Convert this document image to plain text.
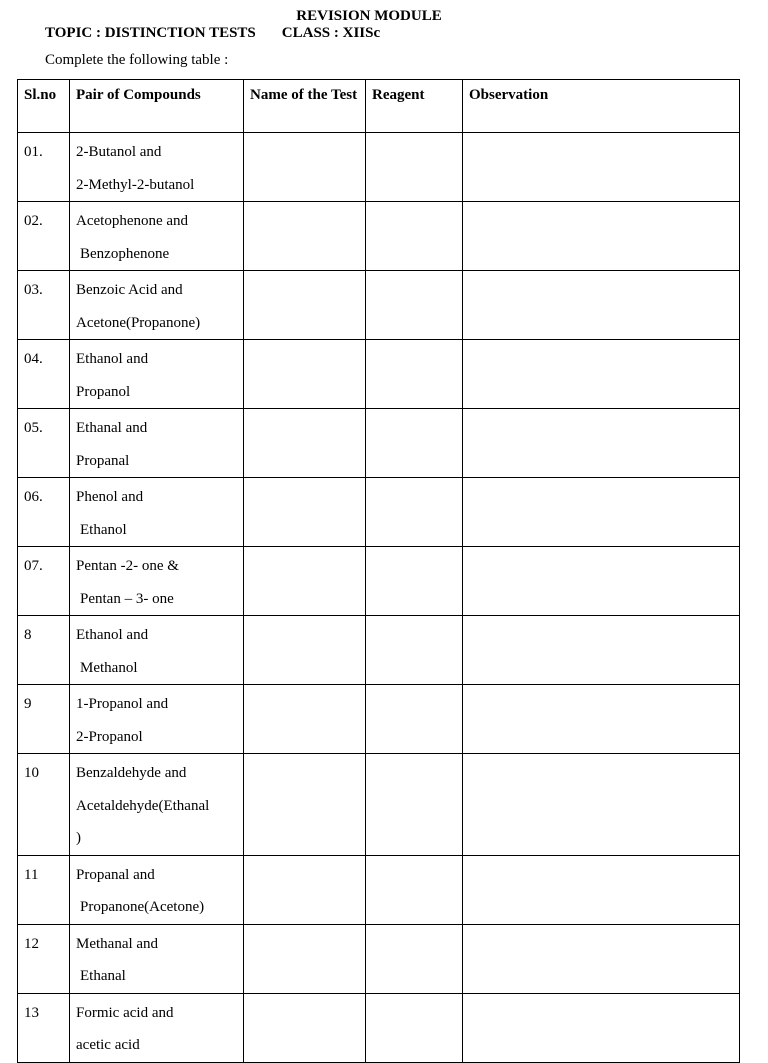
REVISION MODULE
TOPIC : DISTINCTION TESTS CLASS : XIISc
Complete the following table :
Sl.no	Pair of Compounds	Name of the Test	Reagent	Observation
01.	2-Butanol and
2-Methyl-2-butanol			

02.	Acetophenone and
Benzophenone			

03.	Benzoic Acid and
Acetone(Propanone)			

04.	Ethanol and
Propanol			

05.	Ethanal and
Propanal			

06.	Phenol and
Ethanol			

07.	Pentan -2- one &
Pentan – 3- one			

8	Ethanol and
Methanol			

9	1-Propanol and
2-Propanol			

10	Benzaldehyde and
Acetaldehyde(Ethanal
)			

11	Propanal and
Propanone(Acetone)			

12	Methanal and
Ethanal			

13	Formic acid and
acetic acid			
